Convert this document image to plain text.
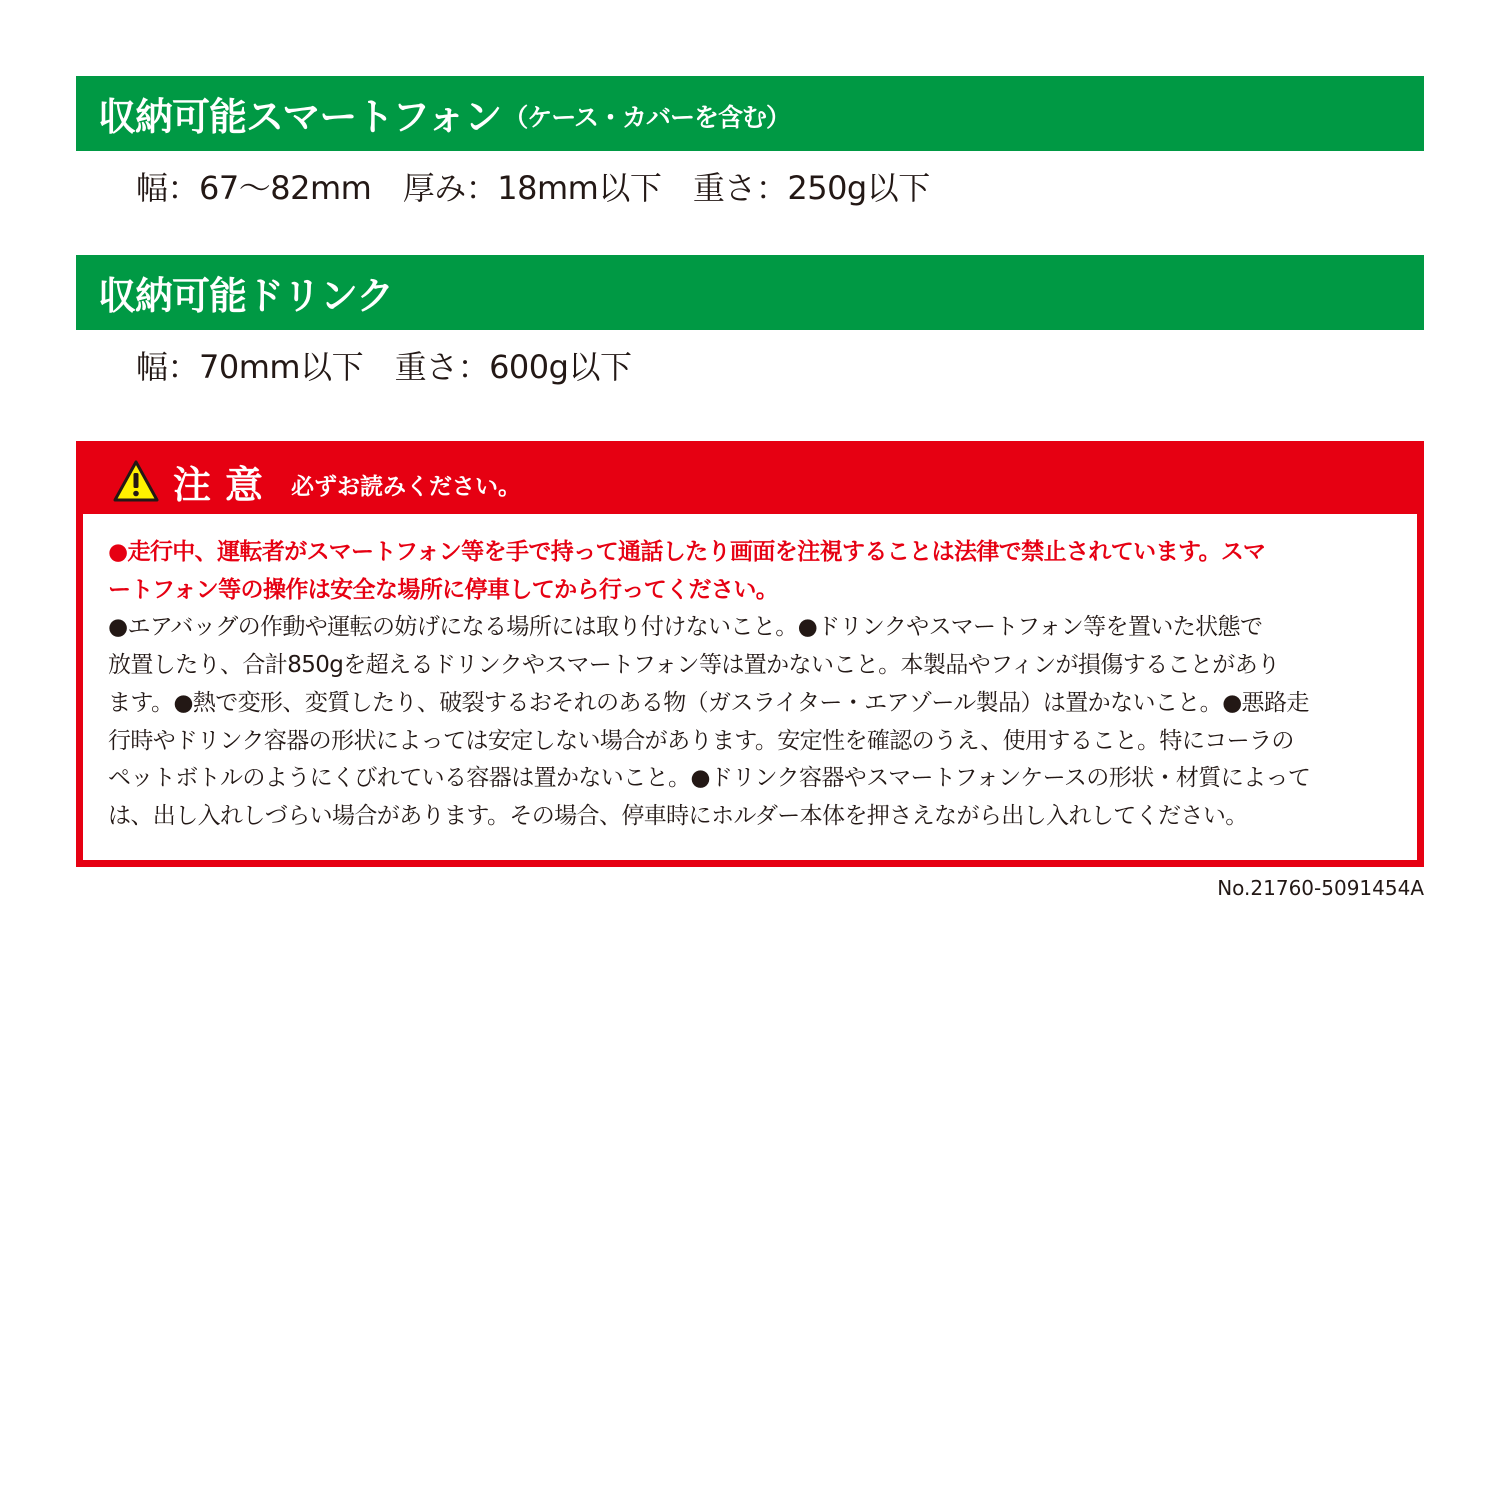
収納可能スマートフォン （ケース・カバーを含む）
幅：67〜82mm　厚み：18mm以下　重さ：250g以下
収納可能ドリンク
幅：70mm以下　重さ：600g以下
注意 必ずお読みください。
●走行中、運転者がスマートフォン等を手で持って通話したり画面を注視することは法律で禁止されています。スマ
ートフォン等の操作は安全な場所に停車してから行ってください。
●エアバッグの作動や運転の妨げになる場所には取り付けないこと。●ドリンクやスマートフォン等を置いた状態で
放置したり、合計850gを超えるドリンクやスマートフォン等は置かないこと。本製品やフィンが損傷することがあり
ます。●熱で変形、変質したり、破裂するおそれのある物（ガスライター・エアゾール製品）は置かないこと。●悪路走
行時やドリンク容器の形状によっては安定しない場合があります。安定性を確認のうえ、使用すること。特にコーラの
ペットボトルのようにくびれている容器は置かないこと。●ドリンク容器やスマートフォンケースの形状・材質によって
は、出し入れしづらい場合があります。その場合、停車時にホルダー本体を押さえながら出し入れしてください。
No.21760-5091454A
